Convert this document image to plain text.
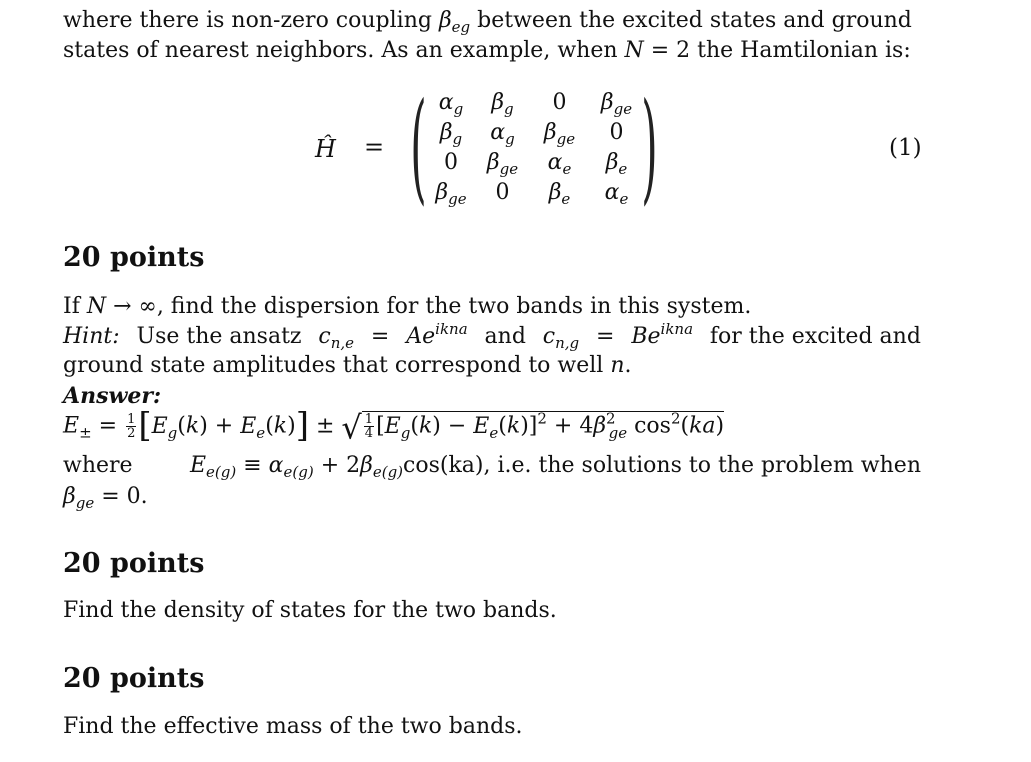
where there is non-zero coupling $\beta_{eg}$ between the excited states and ground
states of nearest neighbors. As an example, when N = 2 the Hamtilonian is:
Ĥ = ( $\alpha_g$	$\beta_g$	0	$\beta_{ge}$
$\beta_g$	$\alpha_g$	$\beta_{ge}$	0
0	$\beta_{ge}$	$\alpha_e$	$\beta_e$
$\beta_{ge}$	0	$\beta_e$	$\alpha_e$ )	(1)
20 points
If N → ∞, find the dispersion for the two bands in this system.
Hint: Use the ansatz $c_{n,e} = Ae^{ikna}$ and $c_{n,g} = Be^{ikna}$ for the excited and
ground state amplitudes that correspond to well n.
Answer:
$E_\pm = \frac{1}{2} [E_g(k) + E_e(k)]$ ± √ $\frac{1}{4} [E_g(k) - E_e(k)]^2 + 4\beta^2_{ge}$ $\cos^2(ka)$
where	$E_{e(g)} \equiv \alpha_{e(g)} + 2\beta_{e(g)}\cos(ka)$, i.e. the solutions to the problem when
$\beta_{ge} = 0$.
20 points
Find the density of states for the two bands.
20 points
Find the effective mass of the two bands.
